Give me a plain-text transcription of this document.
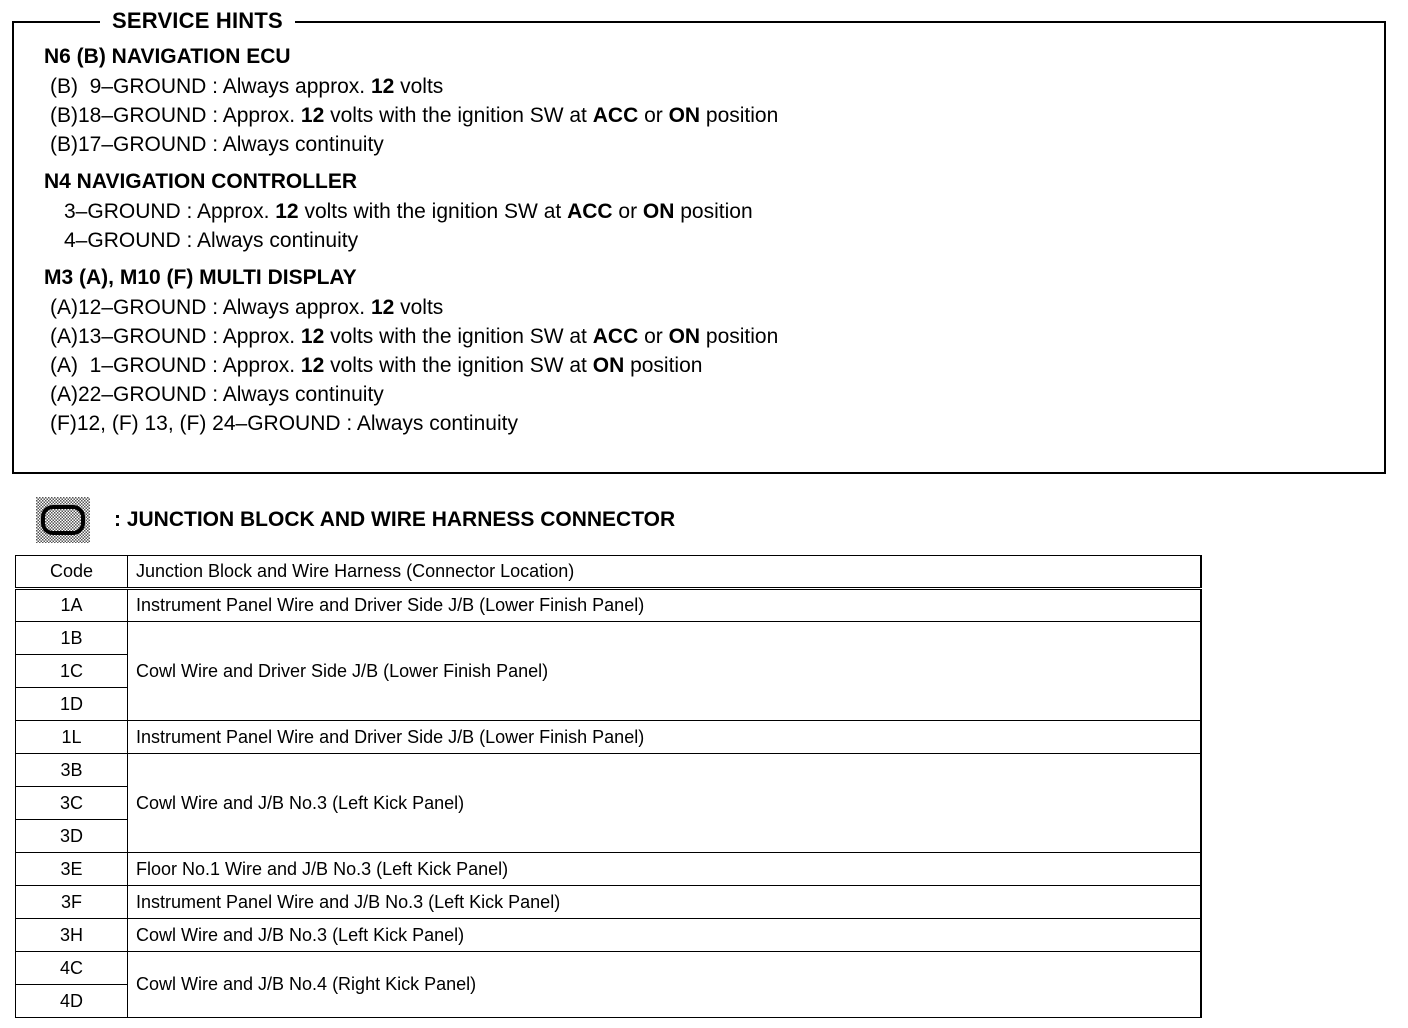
SERVICE HINTS
N6 (B) NAVIGATION ECU
(B)  9–GROUND : Always approx. 12 volts
(B)18–GROUND : Approx. 12 volts with the ignition SW at ACC or ON position
(B)17–GROUND : Always continuity
N4 NAVIGATION CONTROLLER
3–GROUND : Approx. 12 volts with the ignition SW at ACC or ON position
4–GROUND : Always continuity
M3 (A), M10 (F) MULTI DISPLAY
(A)12–GROUND : Always approx. 12 volts
(A)13–GROUND : Approx. 12 volts with the ignition SW at ACC or ON position
(A)  1–GROUND : Approx. 12 volts with the ignition SW at ON position
(A)22–GROUND : Always continuity
(F)12, (F) 13, (F) 24–GROUND : Always continuity
: JUNCTION BLOCK AND WIRE HARNESS CONNECTOR
Code	Junction Block and Wire Harness (Connector Location)
1A	Instrument Panel Wire and Driver Side J/B (Lower Finish Panel)
1B	Cowl Wire and Driver Side J/B (Lower Finish Panel)
1C	
1D	
1L	Instrument Panel Wire and Driver Side J/B (Lower Finish Panel)
3B	Cowl Wire and J/B No.3 (Left Kick Panel)
3C	
3D	
3E	Floor No.1 Wire and J/B No.3 (Left Kick Panel)
3F	Instrument Panel Wire and J/B No.3 (Left Kick Panel)
3H	Cowl Wire and J/B No.3 (Left Kick Panel)
4C	Cowl Wire and J/B No.4 (Right Kick Panel)
4D	
